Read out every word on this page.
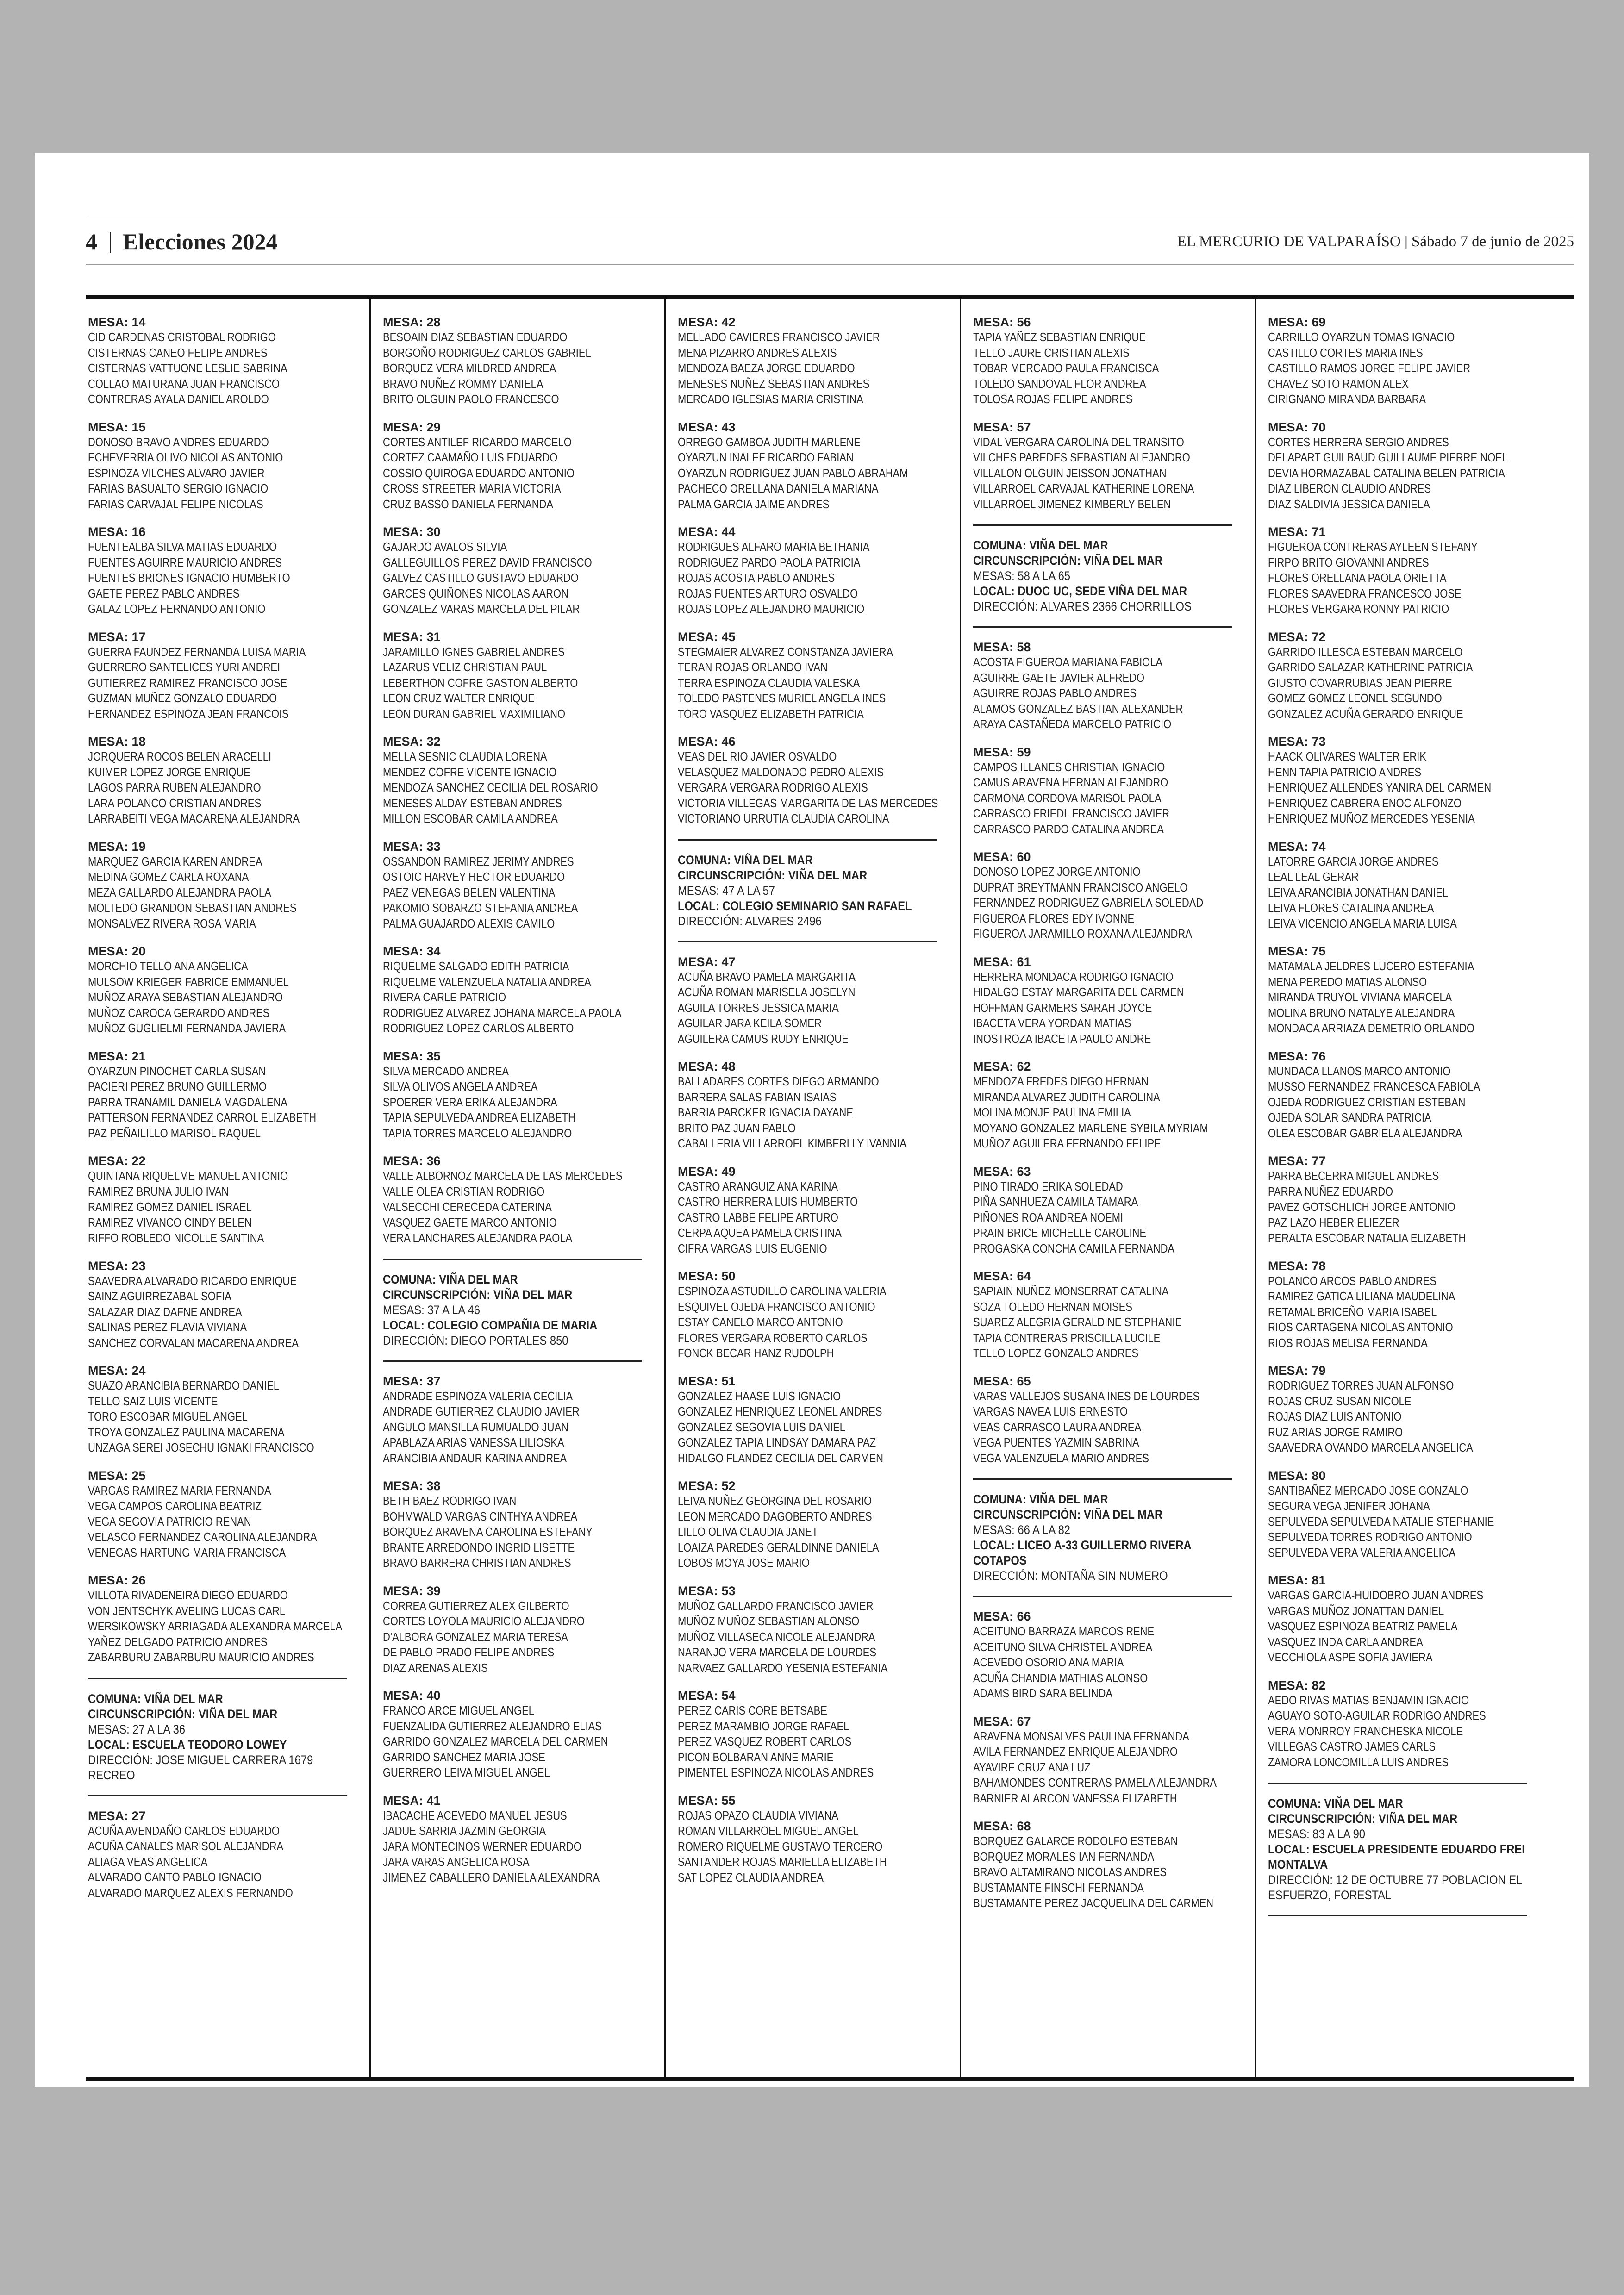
4 Elecciones 2024	EL MERCURIO DE VALPARAÍSO | Sábado 7 de junio de 2025
MESA: 14
CID CARDENAS CRISTOBAL RODRIGO
CISTERNAS CANEO FELIPE ANDRES
CISTERNAS VATTUONE LESLIE SABRINA
COLLAO MATURANA JUAN FRANCISCO
CONTRERAS AYALA DANIEL AROLDO
MESA: 15
DONOSO BRAVO ANDRES EDUARDO
ECHEVERRIA OLIVO NICOLAS ANTONIO
ESPINOZA VILCHES ALVARO JAVIER
FARIAS BASUALTO SERGIO IGNACIO
FARIAS CARVAJAL FELIPE NICOLAS
MESA: 16
FUENTEALBA SILVA MATIAS EDUARDO
FUENTES AGUIRRE MAURICIO ANDRES
FUENTES BRIONES IGNACIO HUMBERTO
GAETE PEREZ PABLO ANDRES
GALAZ LOPEZ FERNANDO ANTONIO
MESA: 17
GUERRA FAUNDEZ FERNANDA LUISA MARIA
GUERRERO SANTELICES YURI ANDREI
GUTIERREZ RAMIREZ FRANCISCO JOSE
GUZMAN MUÑEZ GONZALO EDUARDO
HERNANDEZ ESPINOZA JEAN FRANCOIS
MESA: 18
JORQUERA ROCOS BELEN ARACELLI
KUIMER LOPEZ JORGE ENRIQUE
LAGOS PARRA RUBEN ALEJANDRO
LARA POLANCO CRISTIAN ANDRES
LARRABEITI VEGA MACARENA ALEJANDRA
MESA: 19
MARQUEZ GARCIA KAREN ANDREA
MEDINA GOMEZ CARLA ROXANA
MEZA GALLARDO ALEJANDRA PAOLA
MOLTEDO GRANDON SEBASTIAN ANDRES
MONSALVEZ RIVERA ROSA MARIA
MESA: 20
MORCHIO TELLO ANA ANGELICA
MULSOW KRIEGER FABRICE EMMANUEL
MUÑOZ ARAYA SEBASTIAN ALEJANDRO
MUÑOZ CAROCA GERARDO ANDRES
MUÑOZ GUGLIELMI FERNANDA JAVIERA
MESA: 21
OYARZUN PINOCHET CARLA SUSAN
PACIERI PEREZ BRUNO GUILLERMO
PARRA TRANAMIL DANIELA MAGDALENA
PATTERSON FERNANDEZ CARROL ELIZABETH
PAZ PEÑAILILLO MARISOL RAQUEL
MESA: 22
QUINTANA RIQUELME MANUEL ANTONIO
RAMIREZ BRUNA JULIO IVAN
RAMIREZ GOMEZ DANIEL ISRAEL
RAMIREZ VIVANCO CINDY BELEN
RIFFO ROBLEDO NICOLLE SANTINA
MESA: 23
SAAVEDRA ALVARADO RICARDO ENRIQUE
SAINZ AGUIRREZABAL SOFIA
SALAZAR DIAZ DAFNE ANDREA
SALINAS PEREZ FLAVIA VIVIANA
SANCHEZ CORVALAN MACARENA ANDREA
MESA: 24
SUAZO ARANCIBIA BERNARDO DANIEL
TELLO SAIZ LUIS VICENTE
TORO ESCOBAR MIGUEL ANGEL
TROYA GONZALEZ PAULINA MACARENA
UNZAGA SEREI JOSECHU IGNAKI FRANCISCO
MESA: 25
VARGAS RAMIREZ MARIA FERNANDA
VEGA CAMPOS CAROLINA BEATRIZ
VEGA SEGOVIA PATRICIO RENAN
VELASCO FERNANDEZ CAROLINA ALEJANDRA
VENEGAS HARTUNG MARIA FRANCISCA
MESA: 26
VILLOTA RIVADENEIRA DIEGO EDUARDO
VON JENTSCHYK AVELING LUCAS CARL
WERSIKOWSKY ARRIAGADA ALEXANDRA MARCELA
YAÑEZ DELGADO PATRICIO ANDRES
ZABARBURU ZABARBURU MAURICIO ANDRES
COMUNA: VIÑA DEL MAR
CIRCUNSCRIPCIÓN: VIÑA DEL MAR
MESAS: 27 A LA 36
LOCAL: ESCUELA TEODORO LOWEY
DIRECCIÓN: JOSE MIGUEL CARRERA 1679 RECREO
MESA: 27
ACUÑA AVENDAÑO CARLOS EDUARDO
ACUÑA CANALES MARISOL ALEJANDRA
ALIAGA VEAS ANGELICA
ALVARADO CANTO PABLO IGNACIO
ALVARADO MARQUEZ ALEXIS FERNANDO
MESA: 28
BESOAIN DIAZ SEBASTIAN EDUARDO
BORGOÑO RODRIGUEZ CARLOS GABRIEL
BORQUEZ VERA MILDRED ANDREA
BRAVO NUÑEZ ROMMY DANIELA
BRITO OLGUIN PAOLO FRANCESCO
MESA: 29
CORTES ANTILEF RICARDO MARCELO
CORTEZ CAAMAÑO LUIS EDUARDO
COSSIO QUIROGA EDUARDO ANTONIO
CROSS STREETER MARIA VICTORIA
CRUZ BASSO DANIELA FERNANDA
MESA: 30
GAJARDO AVALOS SILVIA
GALLEGUILLOS PEREZ DAVID FRANCISCO
GALVEZ CASTILLO GUSTAVO EDUARDO
GARCES QUIÑONES NICOLAS AARON
GONZALEZ VARAS MARCELA DEL PILAR
MESA: 31
JARAMILLO IGNES GABRIEL ANDRES
LAZARUS VELIZ CHRISTIAN PAUL
LEBERTHON COFRE GASTON ALBERTO
LEON CRUZ WALTER ENRIQUE
LEON DURAN GABRIEL MAXIMILIANO
MESA: 32
MELLA SESNIC CLAUDIA LORENA
MENDEZ COFRE VICENTE IGNACIO
MENDOZA SANCHEZ CECILIA DEL ROSARIO
MENESES ALDAY ESTEBAN ANDRES
MILLON ESCOBAR CAMILA ANDREA
MESA: 33
OSSANDON RAMIREZ JERIMY ANDRES
OSTOIC HARVEY HECTOR EDUARDO
PAEZ VENEGAS BELEN VALENTINA
PAKOMIO SOBARZO STEFANIA ANDREA
PALMA GUAJARDO ALEXIS CAMILO
MESA: 34
RIQUELME SALGADO EDITH PATRICIA
RIQUELME VALENZUELA NATALIA ANDREA
RIVERA CARLE PATRICIO
RODRIGUEZ ALVAREZ JOHANA MARCELA PAOLA
RODRIGUEZ LOPEZ CARLOS ALBERTO
MESA: 35
SILVA MERCADO ANDREA
SILVA OLIVOS ANGELA ANDREA
SPOERER VERA ERIKA ALEJANDRA
TAPIA SEPULVEDA ANDREA ELIZABETH
TAPIA TORRES MARCELO ALEJANDRO
MESA: 36
VALLE ALBORNOZ MARCELA DE LAS MERCEDES
VALLE OLEA CRISTIAN RODRIGO
VALSECCHI CERECEDA CATERINA
VASQUEZ GAETE MARCO ANTONIO
VERA LANCHARES ALEJANDRA PAOLA
COMUNA: VIÑA DEL MAR
CIRCUNSCRIPCIÓN: VIÑA DEL MAR
MESAS: 37 A LA 46
LOCAL: COLEGIO COMPAÑIA DE MARIA
DIRECCIÓN: DIEGO PORTALES 850
MESA: 37
ANDRADE ESPINOZA VALERIA CECILIA
ANDRADE GUTIERREZ CLAUDIO JAVIER
ANGULO MANSILLA RUMUALDO JUAN
APABLAZA ARIAS VANESSA LILIOSKA
ARANCIBIA ANDAUR KARINA ANDREA
MESA: 38
BETH BAEZ RODRIGO IVAN
BOHMWALD VARGAS CINTHYA ANDREA
BORQUEZ ARAVENA CAROLINA ESTEFANY
BRANTE ARREDONDO INGRID LISETTE
BRAVO BARRERA CHRISTIAN ANDRES
MESA: 39
CORREA GUTIERREZ ALEX GILBERTO
CORTES LOYOLA MAURICIO ALEJANDRO
D'ALBORA GONZALEZ MARIA TERESA
DE PABLO PRADO FELIPE ANDRES
DIAZ ARENAS ALEXIS
MESA: 40
FRANCO ARCE MIGUEL ANGEL
FUENZALIDA GUTIERREZ ALEJANDRO ELIAS
GARRIDO GONZALEZ MARCELA DEL CARMEN
GARRIDO SANCHEZ MARIA JOSE
GUERRERO LEIVA MIGUEL ANGEL
MESA: 41
IBACACHE ACEVEDO MANUEL JESUS
JADUE SARRIA JAZMIN GEORGIA
JARA MONTECINOS WERNER EDUARDO
JARA VARAS ANGELICA ROSA
JIMENEZ CABALLERO DANIELA ALEXANDRA
MESA: 42
MELLADO CAVIERES FRANCISCO JAVIER
MENA PIZARRO ANDRES ALEXIS
MENDOZA BAEZA JORGE EDUARDO
MENESES NUÑEZ SEBASTIAN ANDRES
MERCADO IGLESIAS MARIA CRISTINA
MESA: 43
ORREGO GAMBOA JUDITH MARLENE
OYARZUN INALEF RICARDO FABIAN
OYARZUN RODRIGUEZ JUAN PABLO ABRAHAM
PACHECO ORELLANA DANIELA MARIANA
PALMA GARCIA JAIME ANDRES
MESA: 44
RODRIGUES ALFARO MARIA BETHANIA
RODRIGUEZ PARDO PAOLA PATRICIA
ROJAS ACOSTA PABLO ANDRES
ROJAS FUENTES ARTURO OSVALDO
ROJAS LOPEZ ALEJANDRO MAURICIO
MESA: 45
STEGMAIER ALVAREZ CONSTANZA JAVIERA
TERAN ROJAS ORLANDO IVAN
TERRA ESPINOZA CLAUDIA VALESKA
TOLEDO PASTENES MURIEL ANGELA INES
TORO VASQUEZ ELIZABETH PATRICIA
MESA: 46
VEAS DEL RIO JAVIER OSVALDO
VELASQUEZ MALDONADO PEDRO ALEXIS
VERGARA VERGARA RODRIGO ALEXIS
VICTORIA VILLEGAS MARGARITA DE LAS MERCEDES
VICTORIANO URRUTIA CLAUDIA CAROLINA
COMUNA: VIÑA DEL MAR
CIRCUNSCRIPCIÓN: VIÑA DEL MAR
MESAS: 47 A LA 57
LOCAL: COLEGIO SEMINARIO SAN RAFAEL
DIRECCIÓN: ALVARES 2496
MESA: 47
ACUÑA BRAVO PAMELA MARGARITA
ACUÑA ROMAN MARISELA JOSELYN
AGUILA TORRES JESSICA MARIA
AGUILAR JARA KEILA SOMER
AGUILERA CAMUS RUDY ENRIQUE
MESA: 48
BALLADARES CORTES DIEGO ARMANDO
BARRERA SALAS FABIAN ISAIAS
BARRIA PARCKER IGNACIA DAYANE
BRITO PAZ JUAN PABLO
CABALLERIA VILLARROEL KIMBERLLY IVANNIA
MESA: 49
CASTRO ARANGUIZ ANA KARINA
CASTRO HERRERA LUIS HUMBERTO
CASTRO LABBE FELIPE ARTURO
CERPA AQUEA PAMELA CRISTINA
CIFRA VARGAS LUIS EUGENIO
MESA: 50
ESPINOZA ASTUDILLO CAROLINA VALERIA
ESQUIVEL OJEDA FRANCISCO ANTONIO
ESTAY CANELO MARCO ANTONIO
FLORES VERGARA ROBERTO CARLOS
FONCK BECAR HANZ RUDOLPH
MESA: 51
GONZALEZ HAASE LUIS IGNACIO
GONZALEZ HENRIQUEZ LEONEL ANDRES
GONZALEZ SEGOVIA LUIS DANIEL
GONZALEZ TAPIA LINDSAY DAMARA PAZ
HIDALGO FLANDEZ CECILIA DEL CARMEN
MESA: 52
LEIVA NUÑEZ GEORGINA DEL ROSARIO
LEON MERCADO DAGOBERTO ANDRES
LILLO OLIVA CLAUDIA JANET
LOAIZA PAREDES GERALDINNE DANIELA
LOBOS MOYA JOSE MARIO
MESA: 53
MUÑOZ GALLARDO FRANCISCO JAVIER
MUÑOZ MUÑOZ SEBASTIAN ALONSO
MUÑOZ VILLASECA NICOLE ALEJANDRA
NARANJO VERA MARCELA DE LOURDES
NARVAEZ GALLARDO YESENIA ESTEFANIA
MESA: 54
PEREZ CARIS CORE BETSABE
PEREZ MARAMBIO JORGE RAFAEL
PEREZ VASQUEZ ROBERT CARLOS
PICON BOLBARAN ANNE MARIE
PIMENTEL ESPINOZA NICOLAS ANDRES
MESA: 55
ROJAS OPAZO CLAUDIA VIVIANA
ROMAN VILLARROEL MIGUEL ANGEL
ROMERO RIQUELME GUSTAVO TERCERO
SANTANDER ROJAS MARIELLA ELIZABETH
SAT LOPEZ CLAUDIA ANDREA
MESA: 56
TAPIA YAÑEZ SEBASTIAN ENRIQUE
TELLO JAURE CRISTIAN ALEXIS
TOBAR MERCADO PAULA FRANCISCA
TOLEDO SANDOVAL FLOR ANDREA
TOLOSA ROJAS FELIPE ANDRES
MESA: 57
VIDAL VERGARA CAROLINA DEL TRANSITO
VILCHES PAREDES SEBASTIAN ALEJANDRO
VILLALON OLGUIN JEISSON JONATHAN
VILLARROEL CARVAJAL KATHERINE LORENA
VILLARROEL JIMENEZ KIMBERLY BELEN
COMUNA: VIÑA DEL MAR
CIRCUNSCRIPCIÓN: VIÑA DEL MAR
MESAS: 58 A LA 65
LOCAL: DUOC UC, SEDE VIÑA DEL MAR
DIRECCIÓN: ALVARES 2366 CHORRILLOS
MESA: 58
ACOSTA FIGUEROA MARIANA FABIOLA
AGUIRRE GAETE JAVIER ALFREDO
AGUIRRE ROJAS PABLO ANDRES
ALAMOS GONZALEZ BASTIAN ALEXANDER
ARAYA CASTAÑEDA MARCELO PATRICIO
MESA: 59
CAMPOS ILLANES CHRISTIAN IGNACIO
CAMUS ARAVENA HERNAN ALEJANDRO
CARMONA CORDOVA MARISOL PAOLA
CARRASCO FRIEDL FRANCISCO JAVIER
CARRASCO PARDO CATALINA ANDREA
MESA: 60
DONOSO LOPEZ JORGE ANTONIO
DUPRAT BREYTMANN FRANCISCO ANGELO
FERNANDEZ RODRIGUEZ GABRIELA SOLEDAD
FIGUEROA FLORES EDY IVONNE
FIGUEROA JARAMILLO ROXANA ALEJANDRA
MESA: 61
HERRERA MONDACA RODRIGO IGNACIO
HIDALGO ESTAY MARGARITA DEL CARMEN
HOFFMAN GARMERS SARAH JOYCE
IBACETA VERA YORDAN MATIAS
INOSTROZA IBACETA PAULO ANDRE
MESA: 62
MENDOZA FREDES DIEGO HERNAN
MIRANDA ALVAREZ JUDITH CAROLINA
MOLINA MONJE PAULINA EMILIA
MOYANO GONZALEZ MARLENE SYBILA MYRIAM
MUÑOZ AGUILERA FERNANDO FELIPE
MESA: 63
PINO TIRADO ERIKA SOLEDAD
PIÑA SANHUEZA CAMILA TAMARA
PIÑONES ROA ANDREA NOEMI
PRAIN BRICE MICHELLE CAROLINE
PROGASKA CONCHA CAMILA FERNANDA
MESA: 64
SAPIAIN NUÑEZ MONSERRAT CATALINA
SOZA TOLEDO HERNAN MOISES
SUAREZ ALEGRIA GERALDINE STEPHANIE
TAPIA CONTRERAS PRISCILLA LUCILE
TELLO LOPEZ GONZALO ANDRES
MESA: 65
VARAS VALLEJOS SUSANA INES DE LOURDES
VARGAS NAVEA LUIS ERNESTO
VEAS CARRASCO LAURA ANDREA
VEGA PUENTES YAZMIN SABRINA
VEGA VALENZUELA MARIO ANDRES
COMUNA: VIÑA DEL MAR
CIRCUNSCRIPCIÓN: VIÑA DEL MAR
MESAS: 66 A LA 82
LOCAL: LICEO A-33 GUILLERMO RIVERA COTAPOS
DIRECCIÓN: MONTAÑA SIN NUMERO
MESA: 66
ACEITUNO BARRAZA MARCOS RENE
ACEITUNO SILVA CHRISTEL ANDREA
ACEVEDO OSORIO ANA MARIA
ACUÑA CHANDIA MATHIAS ALONSO
ADAMS BIRD SARA BELINDA
MESA: 67
ARAVENA MONSALVES PAULINA FERNANDA
AVILA FERNANDEZ ENRIQUE ALEJANDRO
AYAVIRE CRUZ ANA LUZ
BAHAMONDES CONTRERAS PAMELA ALEJANDRA
BARNIER ALARCON VANESSA ELIZABETH
MESA: 68
BORQUEZ GALARCE RODOLFO ESTEBAN
BORQUEZ MORALES IAN FERNANDA
BRAVO ALTAMIRANO NICOLAS ANDRES
BUSTAMANTE FINSCHI FERNANDA
BUSTAMANTE PEREZ JACQUELINA DEL CARMEN
MESA: 69
CARRILLO OYARZUN TOMAS IGNACIO
CASTILLO CORTES MARIA INES
CASTILLO RAMOS JORGE FELIPE JAVIER
CHAVEZ SOTO RAMON ALEX
CIRIGNANO MIRANDA BARBARA
MESA: 70
CORTES HERRERA SERGIO ANDRES
DELAPART GUILBAUD GUILLAUME PIERRE NOEL
DEVIA HORMAZABAL CATALINA BELEN PATRICIA
DIAZ LIBERON CLAUDIO ANDRES
DIAZ SALDIVIA JESSICA DANIELA
MESA: 71
FIGUEROA CONTRERAS AYLEEN STEFANY
FIRPO BRITO GIOVANNI ANDRES
FLORES ORELLANA PAOLA ORIETTA
FLORES SAAVEDRA FRANCESCO JOSE
FLORES VERGARA RONNY PATRICIO
MESA: 72
GARRIDO ILLESCA ESTEBAN MARCELO
GARRIDO SALAZAR KATHERINE PATRICIA
GIUSTO COVARRUBIAS JEAN PIERRE
GOMEZ GOMEZ LEONEL SEGUNDO
GONZALEZ ACUÑA GERARDO ENRIQUE
MESA: 73
HAACK OLIVARES WALTER ERIK
HENN TAPIA PATRICIO ANDRES
HENRIQUEZ ALLENDES YANIRA DEL CARMEN
HENRIQUEZ CABRERA ENOC ALFONZO
HENRIQUEZ MUÑOZ MERCEDES YESENIA
MESA: 74
LATORRE GARCIA JORGE ANDRES
LEAL LEAL GERAR
LEIVA ARANCIBIA JONATHAN DANIEL
LEIVA FLORES CATALINA ANDREA
LEIVA VICENCIO ANGELA MARIA LUISA
MESA: 75
MATAMALA JELDRES LUCERO ESTEFANIA
MENA PEREDO MATIAS ALONSO
MIRANDA TRUYOL VIVIANA MARCELA
MOLINA BRUNO NATALYE ALEJANDRA
MONDACA ARRIAZA DEMETRIO ORLANDO
MESA: 76
MUNDACA LLANOS MARCO ANTONIO
MUSSO FERNANDEZ FRANCESCA FABIOLA
OJEDA RODRIGUEZ CRISTIAN ESTEBAN
OJEDA SOLAR SANDRA PATRICIA
OLEA ESCOBAR GABRIELA ALEJANDRA
MESA: 77
PARRA BECERRA MIGUEL ANDRES
PARRA NUÑEZ EDUARDO
PAVEZ GOTSCHLICH JORGE ANTONIO
PAZ LAZO HEBER ELIEZER
PERALTA ESCOBAR NATALIA ELIZABETH
MESA: 78
POLANCO ARCOS PABLO ANDRES
RAMIREZ GATICA LILIANA MAUDELINA
RETAMAL BRICEÑO MARIA ISABEL
RIOS CARTAGENA NICOLAS ANTONIO
RIOS ROJAS MELISA FERNANDA
MESA: 79
RODRIGUEZ TORRES JUAN ALFONSO
ROJAS CRUZ SUSAN NICOLE
ROJAS DIAZ LUIS ANTONIO
RUZ ARIAS JORGE RAMIRO
SAAVEDRA OVANDO MARCELA ANGELICA
MESA: 80
SANTIBAÑEZ MERCADO JOSE GONZALO
SEGURA VEGA JENIFER JOHANA
SEPULVEDA SEPULVEDA NATALIE STEPHANIE
SEPULVEDA TORRES RODRIGO ANTONIO
SEPULVEDA VERA VALERIA ANGELICA
MESA: 81
VARGAS GARCIA-HUIDOBRO JUAN ANDRES
VARGAS MUÑOZ JONATTAN DANIEL
VASQUEZ ESPINOZA BEATRIZ PAMELA
VASQUEZ INDA CARLA ANDREA
VECCHIOLA ASPE SOFIA JAVIERA
MESA: 82
AEDO RIVAS MATIAS BENJAMIN IGNACIO
AGUAYO SOTO-AGUILAR RODRIGO ANDRES
VERA MONRROY FRANCHESKA NICOLE
VILLEGAS CASTRO JAMES CARLS
ZAMORA LONCOMILLA LUIS ANDRES
COMUNA: VIÑA DEL MAR
CIRCUNSCRIPCIÓN: VIÑA DEL MAR
MESAS: 83 A LA 90
LOCAL: ESCUELA PRESIDENTE EDUARDO FREI MONTALVA
DIRECCIÓN: 12 DE OCTUBRE 77 POBLACION EL ESFUERZO, FORESTAL
